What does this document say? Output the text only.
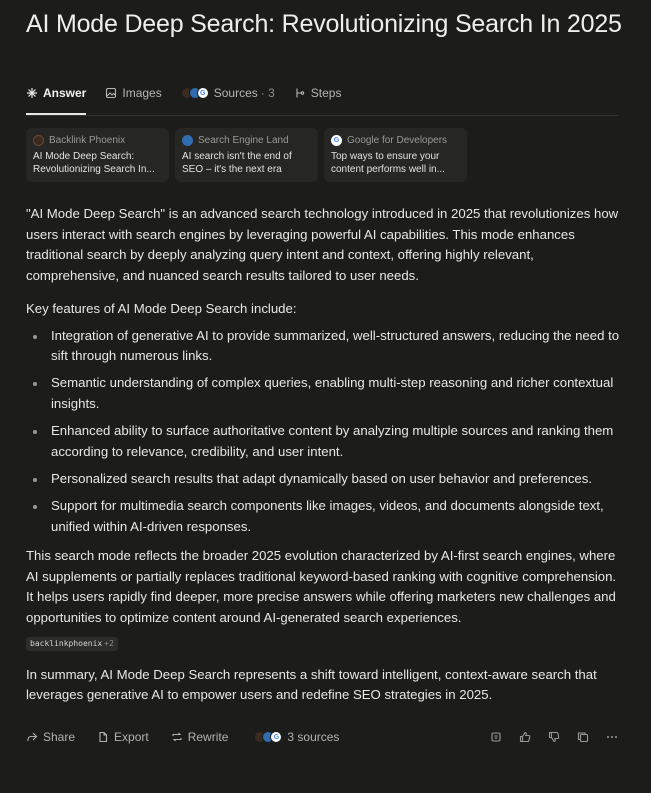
AI Mode Deep Search: Revolutionizing Search In 2025
Answer	Images	G Sources · 3	Steps
Backlink Phoenix
AI Mode Deep Search: Revolutionizing Search In...
Search Engine Land
AI search isn't the end of SEO – it's the next era
G Google for Developers
Top ways to ensure your content performs well in...

"AI Mode Deep Search" is an advanced search technology introduced in 2025 that revolutionizes how users interact with search engines by leveraging powerful AI capabilities. This mode enhances traditional search by deeply analyzing query intent and context, offering highly relevant, comprehensive, and nuanced search results tailored to user needs.

Key features of AI Mode Deep Search include:

Integration of generative AI to provide summarized, well-structured answers, reducing the need to sift through numerous links.
Semantic understanding of complex queries, enabling multi-step reasoning and richer contextual insights.
Enhanced ability to surface authoritative content by analyzing multiple sources and ranking them according to relevance, credibility, and user intent.
Personalized search results that adapt dynamically based on user behavior and preferences.
Support for multimedia search components like images, videos, and documents alongside text, unified within AI-driven responses.

This search mode reflects the broader 2025 evolution characterized by AI-first search engines, where AI supplements or partially replaces traditional keyword-based ranking with cognitive comprehension. It helps users rapidly find deeper, more precise answers while offering marketers new challenges and opportunities to optimize content around AI-generated search experiences.

backlinkphoenix +2

In summary, AI Mode Deep Search represents a shift toward intelligent, context-aware search that leverages generative AI to empower users and redefine SEO strategies in 2025.

Share	Export	Rewrite	G 3 sources
